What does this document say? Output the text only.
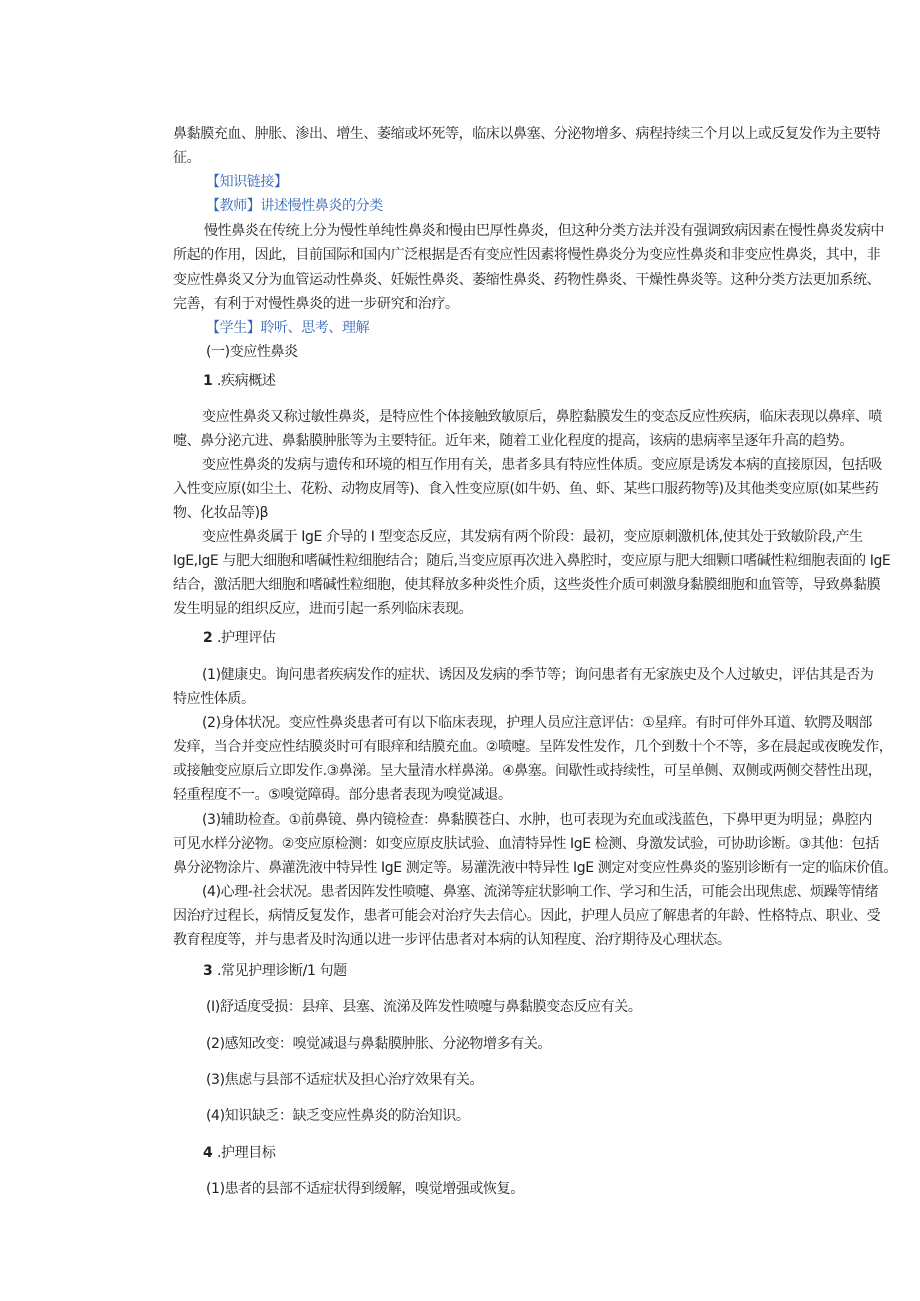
鼻黏膜充血、肿胀、渗出、增生、萎缩或坏死等，临床以鼻塞、分泌物增多、病程持续三个月以上或反复发作为主要特
征。
【知识链接】
【教师】讲述慢性鼻炎的分类
慢性鼻炎在传统上分为慢性单纯性鼻炎和慢由巴厚性鼻炎，但这种分类方法并没有强调致病因素在慢性鼻炎发病中
所起的作用，因此，目前国际和国内广泛根据是否有变应性因素将慢性鼻炎分为变应性鼻炎和非变应性鼻炎，其中，非
变应性鼻炎又分为血管运动性鼻炎、妊娠性鼻炎、萎缩性鼻炎、药物性鼻炎、干燥性鼻炎等。这种分类方法更加系统、
完善，有利于对慢性鼻炎的进一步研究和治疗。
【学生】聆听、思考、理解
(一)变应性鼻炎
1 .疾病概述
变应性鼻炎又称过敏性鼻炎，是特应性个体接触致敏原后，鼻腔黏膜发生的变态反应性疾病，临床表现以鼻痒、喷
嚏、鼻分泌亢进、鼻黏膜肿胀等为主要特征。近年来，随着工业化程度的提高，该病的患病率呈逐年升高的趋势。
变应性鼻炎的发病与遗传和环境的相互作用有关，患者多具有特应性体质。变应原是诱发本病的直接原因，包括吸
入性变应原(如尘土、花粉、动物皮屑等)、食入性变应原(如牛奶、鱼、虾、某些口服药物等)及其他类变应原(如某些药
物、化妆品等)β
变应性鼻炎属于 IgE 介导的 I 型变态反应，其发病有两个阶段：最初，变应原刺激机体,使其处于致敏阶段,产生
IgE,IgE 与肥大细胞和嗜碱性粒细胞结合；随后,当变应原再次进入鼻腔时，变应原与肥大细颗口嗜碱性粒细胞表面的 IgE
结合，激活肥大细胞和嗜碱性粒细胞，使其释放多种炎性介质，这些炎性介质可刺激身黏膜细胞和血管等，导致鼻黏膜
发生明显的组织反应，进而引起一系列临床表现。
2 .护理评估
(1)健康史。询问患者疾病发作的症状、诱因及发病的季节等；询问患者有无家族史及个人过敏史，评估其是否为
特应性体质。
(2)身体状况。变应性鼻炎患者可有以下临床表现，护理人员应注意评估：①星痒。有时可伴外耳道、软腭及咽部
发痒，当合并变应性结膜炎时可有眼痒和结膜充血。②喷嚏。呈阵发性发作，几个到数十个不等，多在晨起或夜晚发作，
或接触变应原后立即发作.③鼻涕。呈大量清水样鼻涕。④鼻塞。间歇性或持续性，可呈单侧、双侧或两侧交替性出现，
轻重程度不一。⑤嗅觉障碍。部分患者表现为嗅觉减退。
(3)辅助检查。①前鼻镜、鼻内镜检查：鼻黏膜苍白、水肿，也可表现为充血或浅蓝色，下鼻甲更为明显；鼻腔内
可见水样分泌物。②变应原检测：如变应原皮肤试验、血清特异性 IgE 检测、身激发试验，可协助诊断。③其他：包括
鼻分泌物涂片、鼻灌洗液中特异性 IgE 测定等。易灌洗液中特异性 IgE 测定对变应性鼻炎的鉴别诊断有一定的临床价值。
(4)心理-社会状况。患者因阵发性喷嚏、鼻塞、流涕等症状影响工作、学习和生活，可能会出现焦虑、烦躁等情绪
因治疗过程长，病情反复发作，患者可能会对治疗失去信心。因此，护理人员应了解患者的年龄、性格特点、职业、受
教育程度等，并与患者及时沟通以进一步评估患者对本病的认知程度、治疗期待及心理状态。
3 .常见护理诊断/1 句题
(I)舒适度受损：县痒、县塞、流涕及阵发性喷嚏与鼻黏膜变态反应有关。
(2)感知改变：嗅觉减退与鼻黏膜肿胀、分泌物增多有关。
(3)焦虑与县部不适症状及担心治疗效果有关。
(4)知识缺乏：缺乏变应性鼻炎的防治知识。
4 .护理目标
(1)患者的县部不适症状得到缓解，嗅觉增强或恢复。
